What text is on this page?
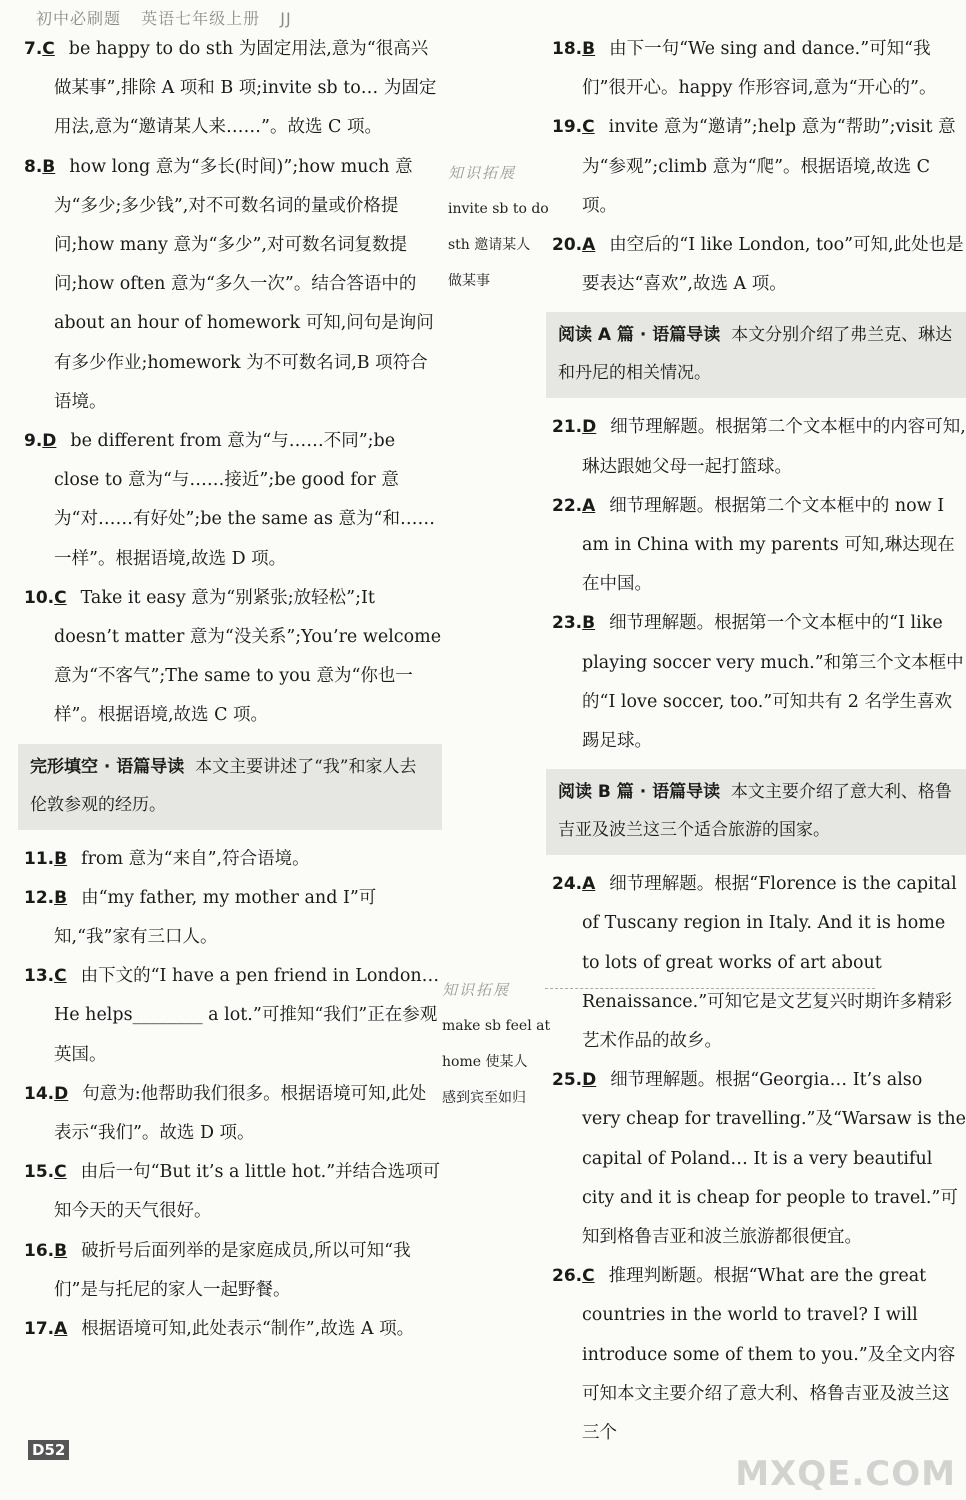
初中必刷题 英语七年级上册 JJ

7.C be happy to do sth 为固定用法,意为“很高兴做某事”,排除 A 项和 B 项;invite sb to… 为固定用法,意为“邀请某人来……”。故选 C 项。

8.B how long 意为“多长(时间)”;how much 意为“多少;多少钱”,对不可数名词的量或价格提问;how many 意为“多少”,对可数名词复数提问;how often 意为“多久一次”。结合答语中的 about an hour of homework 可知,问句是询问有多少作业;homework 为不可数名词,B 项符合语境。

9.D be different from 意为“与……不同”;be close to 意为“与……接近”;be good for 意为“对……有好处”;be the same as 意为“和……一样”。根据语境,故选 D 项。

10.C Take it easy 意为“别紧张;放轻松”;It doesn’t matter 意为“没关系”;You’re welcome 意为“不客气”;The same to you 意为“你也一样”。根据语境,故选 C 项。

完形填空 · 语篇导读 本文主要讲述了“我”和家人去伦敦参观的经历。

11.B from 意为“来自”,符合语境。

12.B 由“my father, my mother and I”可知,“我”家有三口人。

13.C 由下文的“I have a pen friend in London… He helps________ a lot.”可推知“我们”正在参观英国。

14.D 句意为:他帮助我们很多。根据语境可知,此处表示“我们”。故选 D 项。

15.C 由后一句“But it’s a little hot.”并结合选项可知今天的天气很好。

16.B 破折号后面列举的是家庭成员,所以可知“我们”是与托尼的家人一起野餐。

17.A 根据语境可知,此处表示“制作”,故选 A 项。

18.B 由下一句“We sing and dance.”可知“我们”很开心。happy 作形容词,意为“开心的”。

19.C invite 意为“邀请”;help 意为“帮助”;visit 意为“参观”;climb 意为“爬”。根据语境,故选 C 项。

20.A 由空后的“I like London, too”可知,此处也是要表达“喜欢”,故选 A 项。

阅读 A 篇 · 语篇导读 本文分别介绍了弗兰克、琳达和丹尼的相关情况。

21.D 细节理解题。根据第二个文本框中的内容可知,琳达跟她父母一起打篮球。

22.A 细节理解题。根据第二个文本框中的 now I am in China with my parents 可知,琳达现在在中国。

23.B 细节理解题。根据第一个文本框中的“I like playing soccer very much.”和第三个文本框中的“I love soccer, too.”可知共有 2 名学生喜欢踢足球。

阅读 B 篇 · 语篇导读 本文主要介绍了意大利、格鲁吉亚及波兰这三个适合旅游的国家。

24.A 细节理解题。根据“Florence is the capital of Tuscany region in Italy. And it is home to lots of great works of art about Renaissance.”可知它是文艺复兴时期许多精彩艺术作品的故乡。

25.D 细节理解题。根据“Georgia… It’s also very cheap for travelling.”及“Warsaw is the capital of Poland… It is a very beautiful city and it is cheap for people to travel.”可知到格鲁吉亚和波兰旅游都很便宜。

26.C 推理判断题。根据“What are the great countries in the world to travel? I will introduce some of them to you.”及全文内容可知本文主要介绍了意大利、格鲁吉亚及波兰这三个

知识拓展
invite sb to do
sth 邀请某人
做某事
知识拓展
make sb feel at
home 使某人
感到宾至如归
D52
MXQE.COM
